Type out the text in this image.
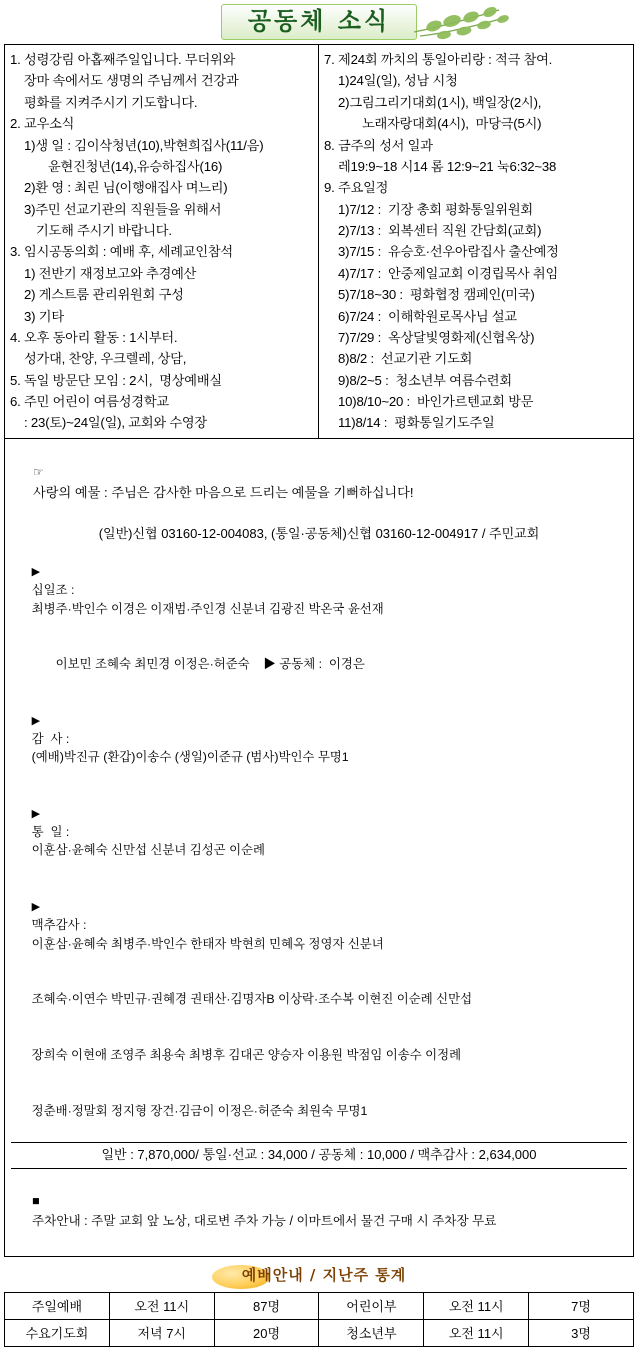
공동체 소식
1. 성령강림 아홉째주일입니다. 무더위와
장마 속에서도 생명의 주님께서 건강과
평화를 지켜주시기 기도합니다.
2. 교우소식
1)생 일 : 김이삭청년(10),박현희집사(11/음)
윤현진청년(14),유승하집사(16)
2)환 영 : 최린 님(이행애집사 며느리)
3)주민 선교기관의 직원들을 위해서
기도해 주시기 바랍니다.
3. 임시공동의회 : 예배 후, 세례교인참석
1) 전반기 재정보고와 추경예산
2) 게스트룸 관리위원회 구성
3) 기타
4. 오후 동아리 활동 : 1시부터.
성가대, 찬양, 우크렐레, 상담,
5. 독일 방문단 모임 : 2시,  명상예배실
6. 주민 어린이 여름성경학교
: 23(토)~24일(일), 교회와 수영장
7. 제24회 까치의 통일아리랑 : 적극 참여.
1)24일(일), 성남 시청
2)그림그리기대회(1시), 백일장(2시),
노래자랑대회(4시),  마당극(5시)
8. 금주의 성서 일과
레19:9~18 시14 롬 12:9~21 눅6:32~38
9. 주요일정
1)7/12 :  기장 총회 평화통일위원회
2)7/13 :  외복센터 직원 간담회(교회)
3)7/15 :  유승호·선우아람집사 출산예정
4)7/17 :  안중제일교회 이경립목사 취임
5)7/18~30 :  평화협정 캠페인(미국)
6)7/24 :  이해학원로목사님 설교
7)7/29 :  옥상달빛영화제(신협옥상)
8)8/2 :  선교기관 기도회
9)8/2~5 :  청소년부 여름수련회
10)8/10~20 :  바인가르텐교회 방문
11)8/14 :  평화통일기도주일

☞
사랑의 예물 : 주님은 감사한 마음으로 드리는 예물을 기뻐하십니다!

(일반)신협 03160-12-004083, (통일·공동체)신협 03160-12-004917 / 주민교회

▶
십일조 :
최병주·박인수 이경은 이재범·주인경 신분녀 김광진 박온국 윤선재

이보민 조혜숙 최민경 이정은·허준숙    ▶ 공동체 :  이경은

▶
감  사 :
(예배)박진규 (환갑)이송수 (생일)이준규 (범사)박인수 무명1

▶
통  일 :
이훈삼·윤혜숙 신만섭 신분녀 김성곤 이순례

▶
맥추감사 :
이훈삼·윤혜숙 최병주·박인수 한태자 박현희 민혜옥 정영자 신분녀

조혜숙·이연수 박민규·권혜경 권태산·김명자B 이상락·조수복 이현진 이순례 신만섭

장희숙 이현애 조영주 최용숙 최병후 김대곤 양승자 이용원 박점임 이송수 이정례

정춘배·정말회 정지형 장건·김금이 이정은·허준숙 최원숙 무명1

일반 : 7,870,000/ 통일·선교 : 34,000 / 공동체 : 10,000 / 맥추감사 : 2,634,000

■
주차안내 : 주말 교회 앞 노상, 대로변 주차 가능 / 이마트에서 물건 구매 시 주차장 무료

예배안내 / 지난주 통계
주일예배	오전 11시	87명	어린이부	오전 11시	7명
수요기도회	저녁 7시	20명	청소년부	오전 11시	3명
